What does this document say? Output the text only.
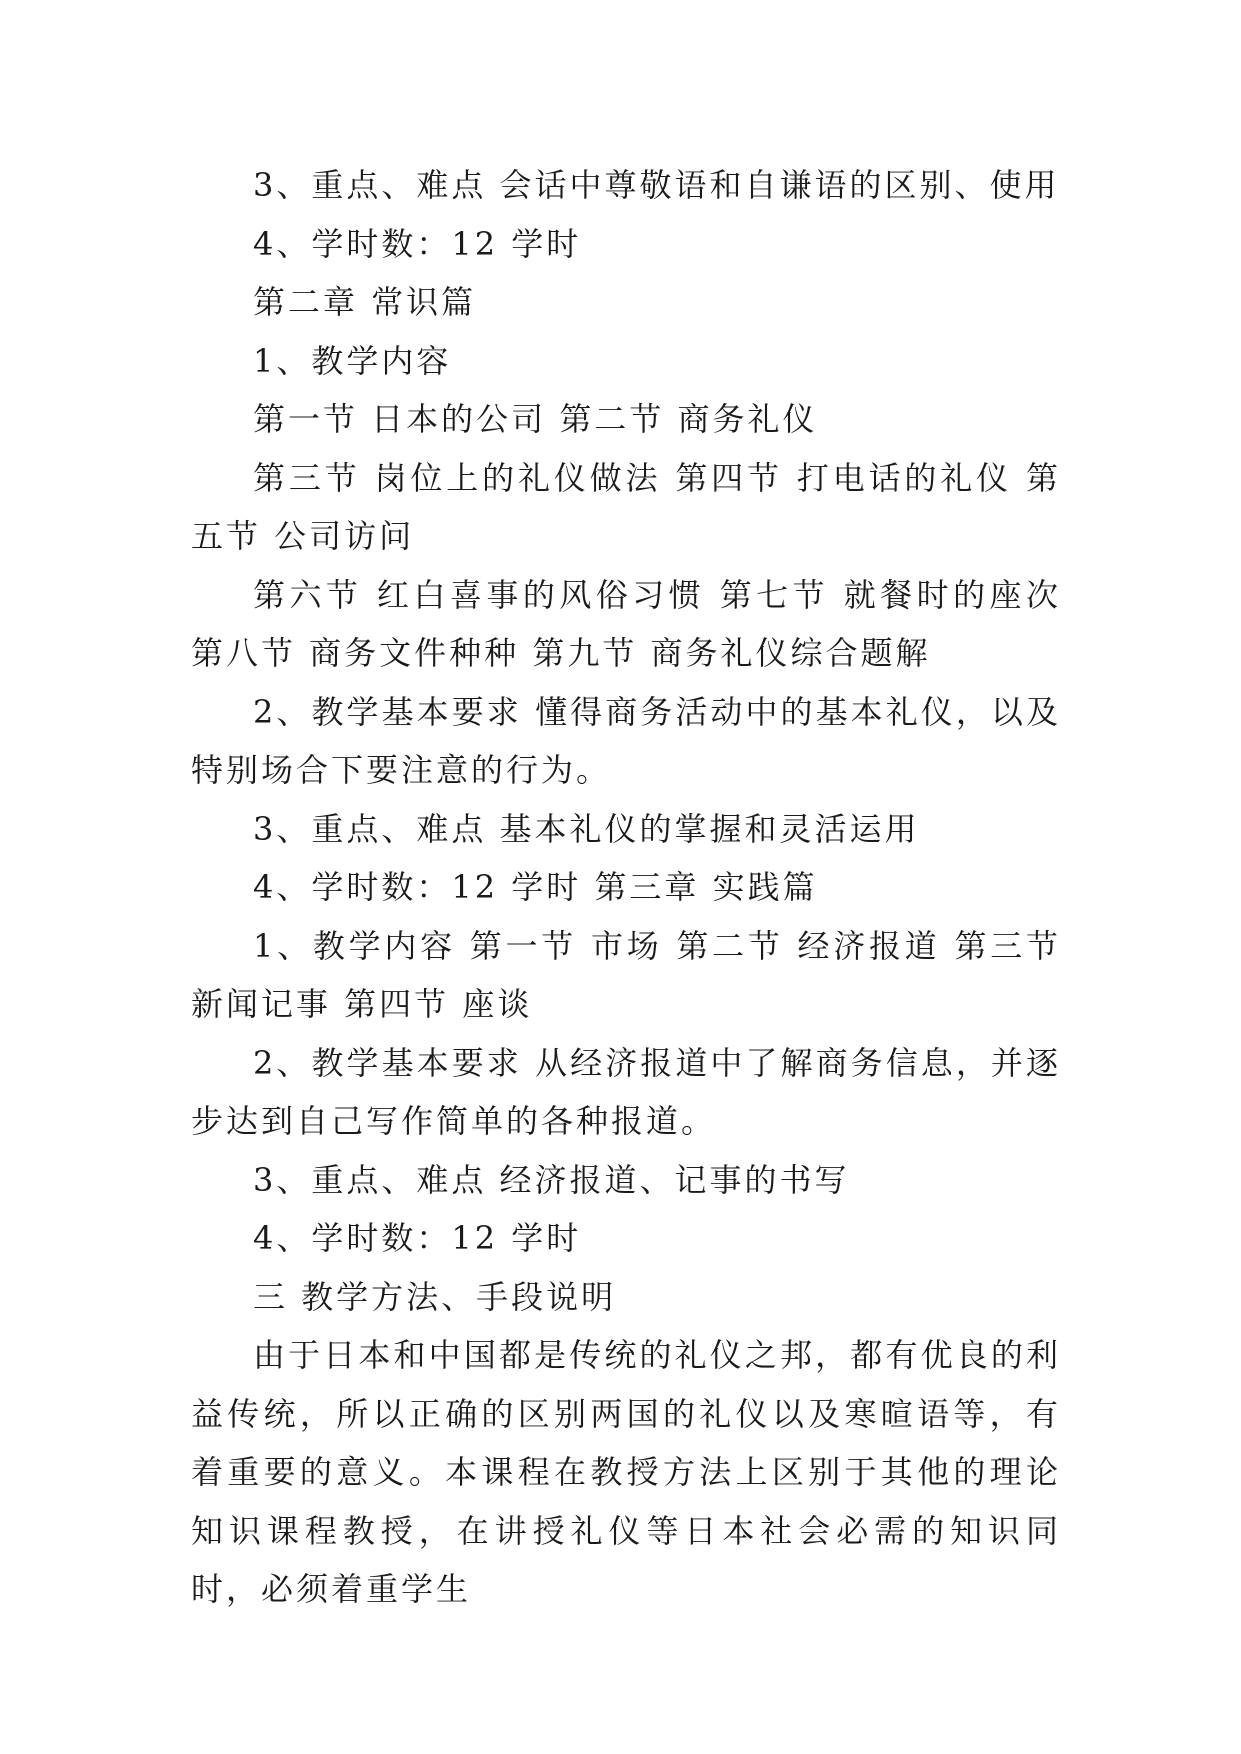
3、重点、难点 会话中尊敬语和自谦语的区别、使用

4、学时数：12 学时

第二章 常识篇

1、教学内容

第一节 日本的公司 第二节 商务礼仪

第三节 岗位上的礼仪做法 第四节 打电话的礼仪 第五节 公司访问

第六节 红白喜事的风俗习惯 第七节 就餐时的座次 第八节 商务文件种种 第九节 商务礼仪综合题解

2、教学基本要求 懂得商务活动中的基本礼仪，以及特别场合下要注意的行为。

3、重点、难点 基本礼仪的掌握和灵活运用

4、学时数：12 学时 第三章 实践篇

1、教学内容 第一节 市场 第二节 经济报道 第三节 新闻记事 第四节 座谈

2、教学基本要求 从经济报道中了解商务信息，并逐步达到自己写作简单的各种报道。

3、重点、难点 经济报道、记事的书写

4、学时数：12 学时

三 教学方法、手段说明

由于日本和中国都是传统的礼仪之邦，都有优良的利益传统，所以正确的区别两国的礼仪以及寒暄语等，有着重要的意义。本课程在教授方法上区别于其他的理论知识课程教授，在讲授礼仪等日本社会必需的知识同时，必须着重学生
